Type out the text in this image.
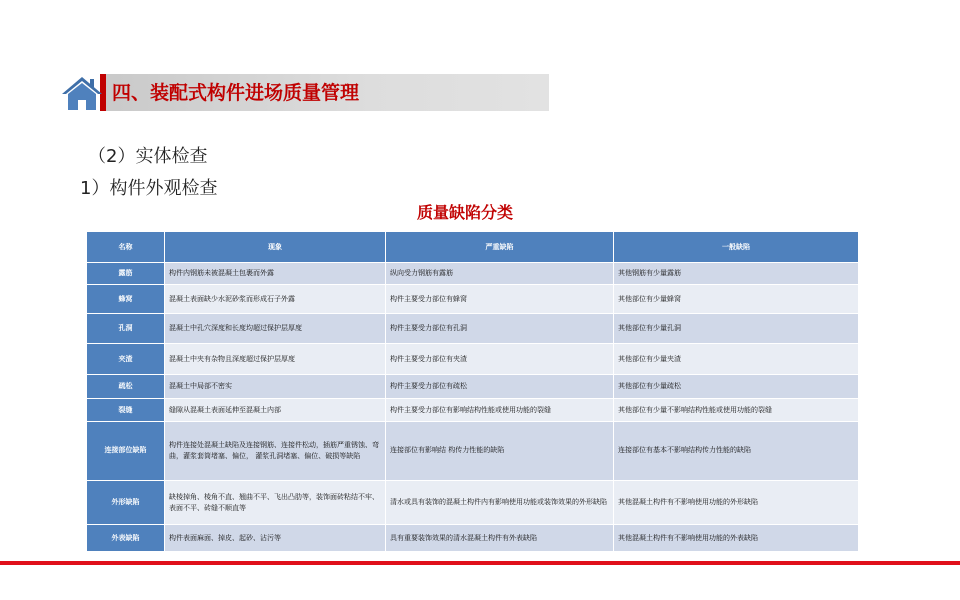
四、装配式构件进场质量管理
（2）实体检查
1）构件外观检查
质量缺陷分类
名称	现象	严重缺陷	一般缺陷
露筋	构件内钢筋未被混凝土包裹而外露	纵向受力钢筋有露筋	其他钢筋有少量露筋
蜂窝	混凝土表面缺少水泥砂浆而形成石子外露	构件主要受力部位有蜂窝	其他部位有少量蜂窝
孔洞	混凝土中孔穴深度和长度均超过保护层厚度	构件主要受力部位有孔洞	其他部位有少量孔洞
夹渣	混凝土中夹有杂物且深度超过保护层厚度	构件主要受力部位有夹渣	其他部位有少量夹渣
疏松	混凝土中局部不密实	构件主要受力部位有疏松	其他部位有少量疏松
裂缝	缝隙从混凝土表面延伸至混凝土内部	构件主要受力部位有影响结构性能或使用功能的裂缝	其他部位有少量不影响结构性能或使用功能的裂缝
连接部位缺陷	构件连接处混凝土缺陷及连接钢筋、连接件松动，插筋严重锈蚀、弯曲，灌浆套筒堵塞、偏位， 灌浆孔洞堵塞、偏位、破损等缺陷	连接部位有影响结 构传力性能的缺陷	连接部位有基本不影响结构传力性能的缺陷
外形缺陷	缺棱掉角、棱角不直、翘曲不平、飞出凸肋等，装饰面砖粘结不牢、表面不平、砖缝不顺直等	清水或具有装饰的混凝土构件内有影响使用功能或装饰效果的外形缺陷	其他混凝土构件有不影响使用功能的外形缺陷
外表缺陷	构件表面麻面、掉皮、起砂、沾污等	具有重要装饰效果的清水混凝土构件有外表缺陷	其他混凝土构件有不影响使用功能的外表缺陷
